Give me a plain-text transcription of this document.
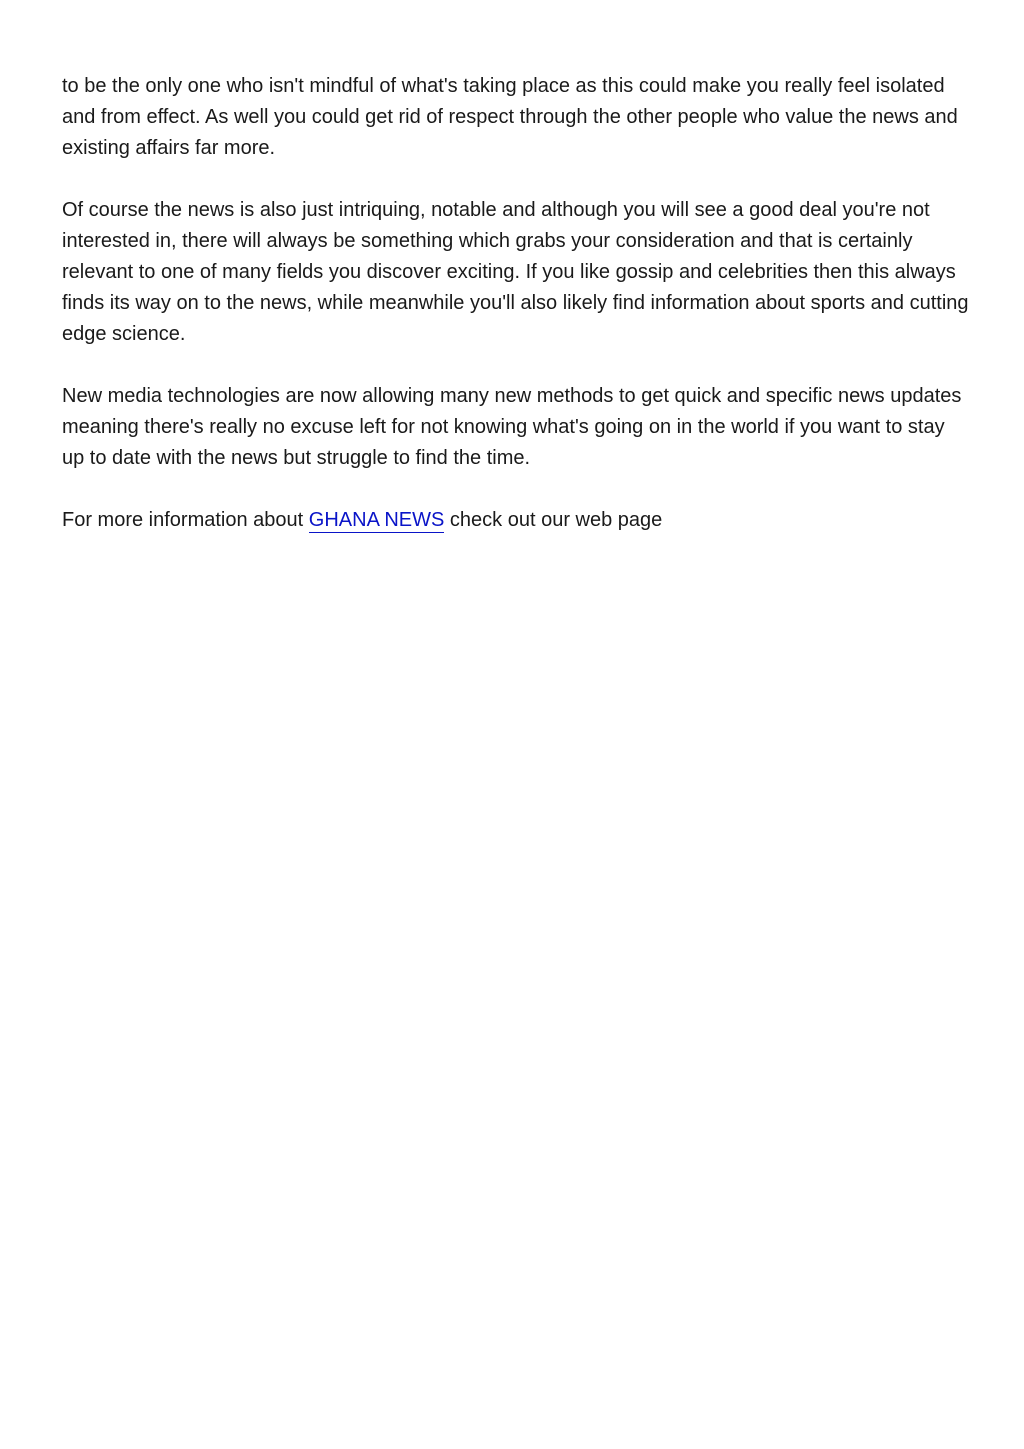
to be the only one who isn't mindful of what's taking place as this could make you really feel isolated and from effect. As well you could get rid of respect through the other people who value the news and existing affairs far more.

Of course the news is also just intriquing, notable and although you will see a good deal you're not interested in, there will always be something which grabs your consideration and that is certainly relevant to one of many fields you discover exciting. If you like gossip and celebrities then this always finds its way on to the news, while meanwhile you'll also likely find information about sports and cutting edge science.

New media technologies are now allowing many new methods to get quick and specific news updates meaning there's really no excuse left for not knowing what's going on in the world if you want to stay up to date with the news but struggle to find the time.

For more information about GHANA NEWS check out our web page
